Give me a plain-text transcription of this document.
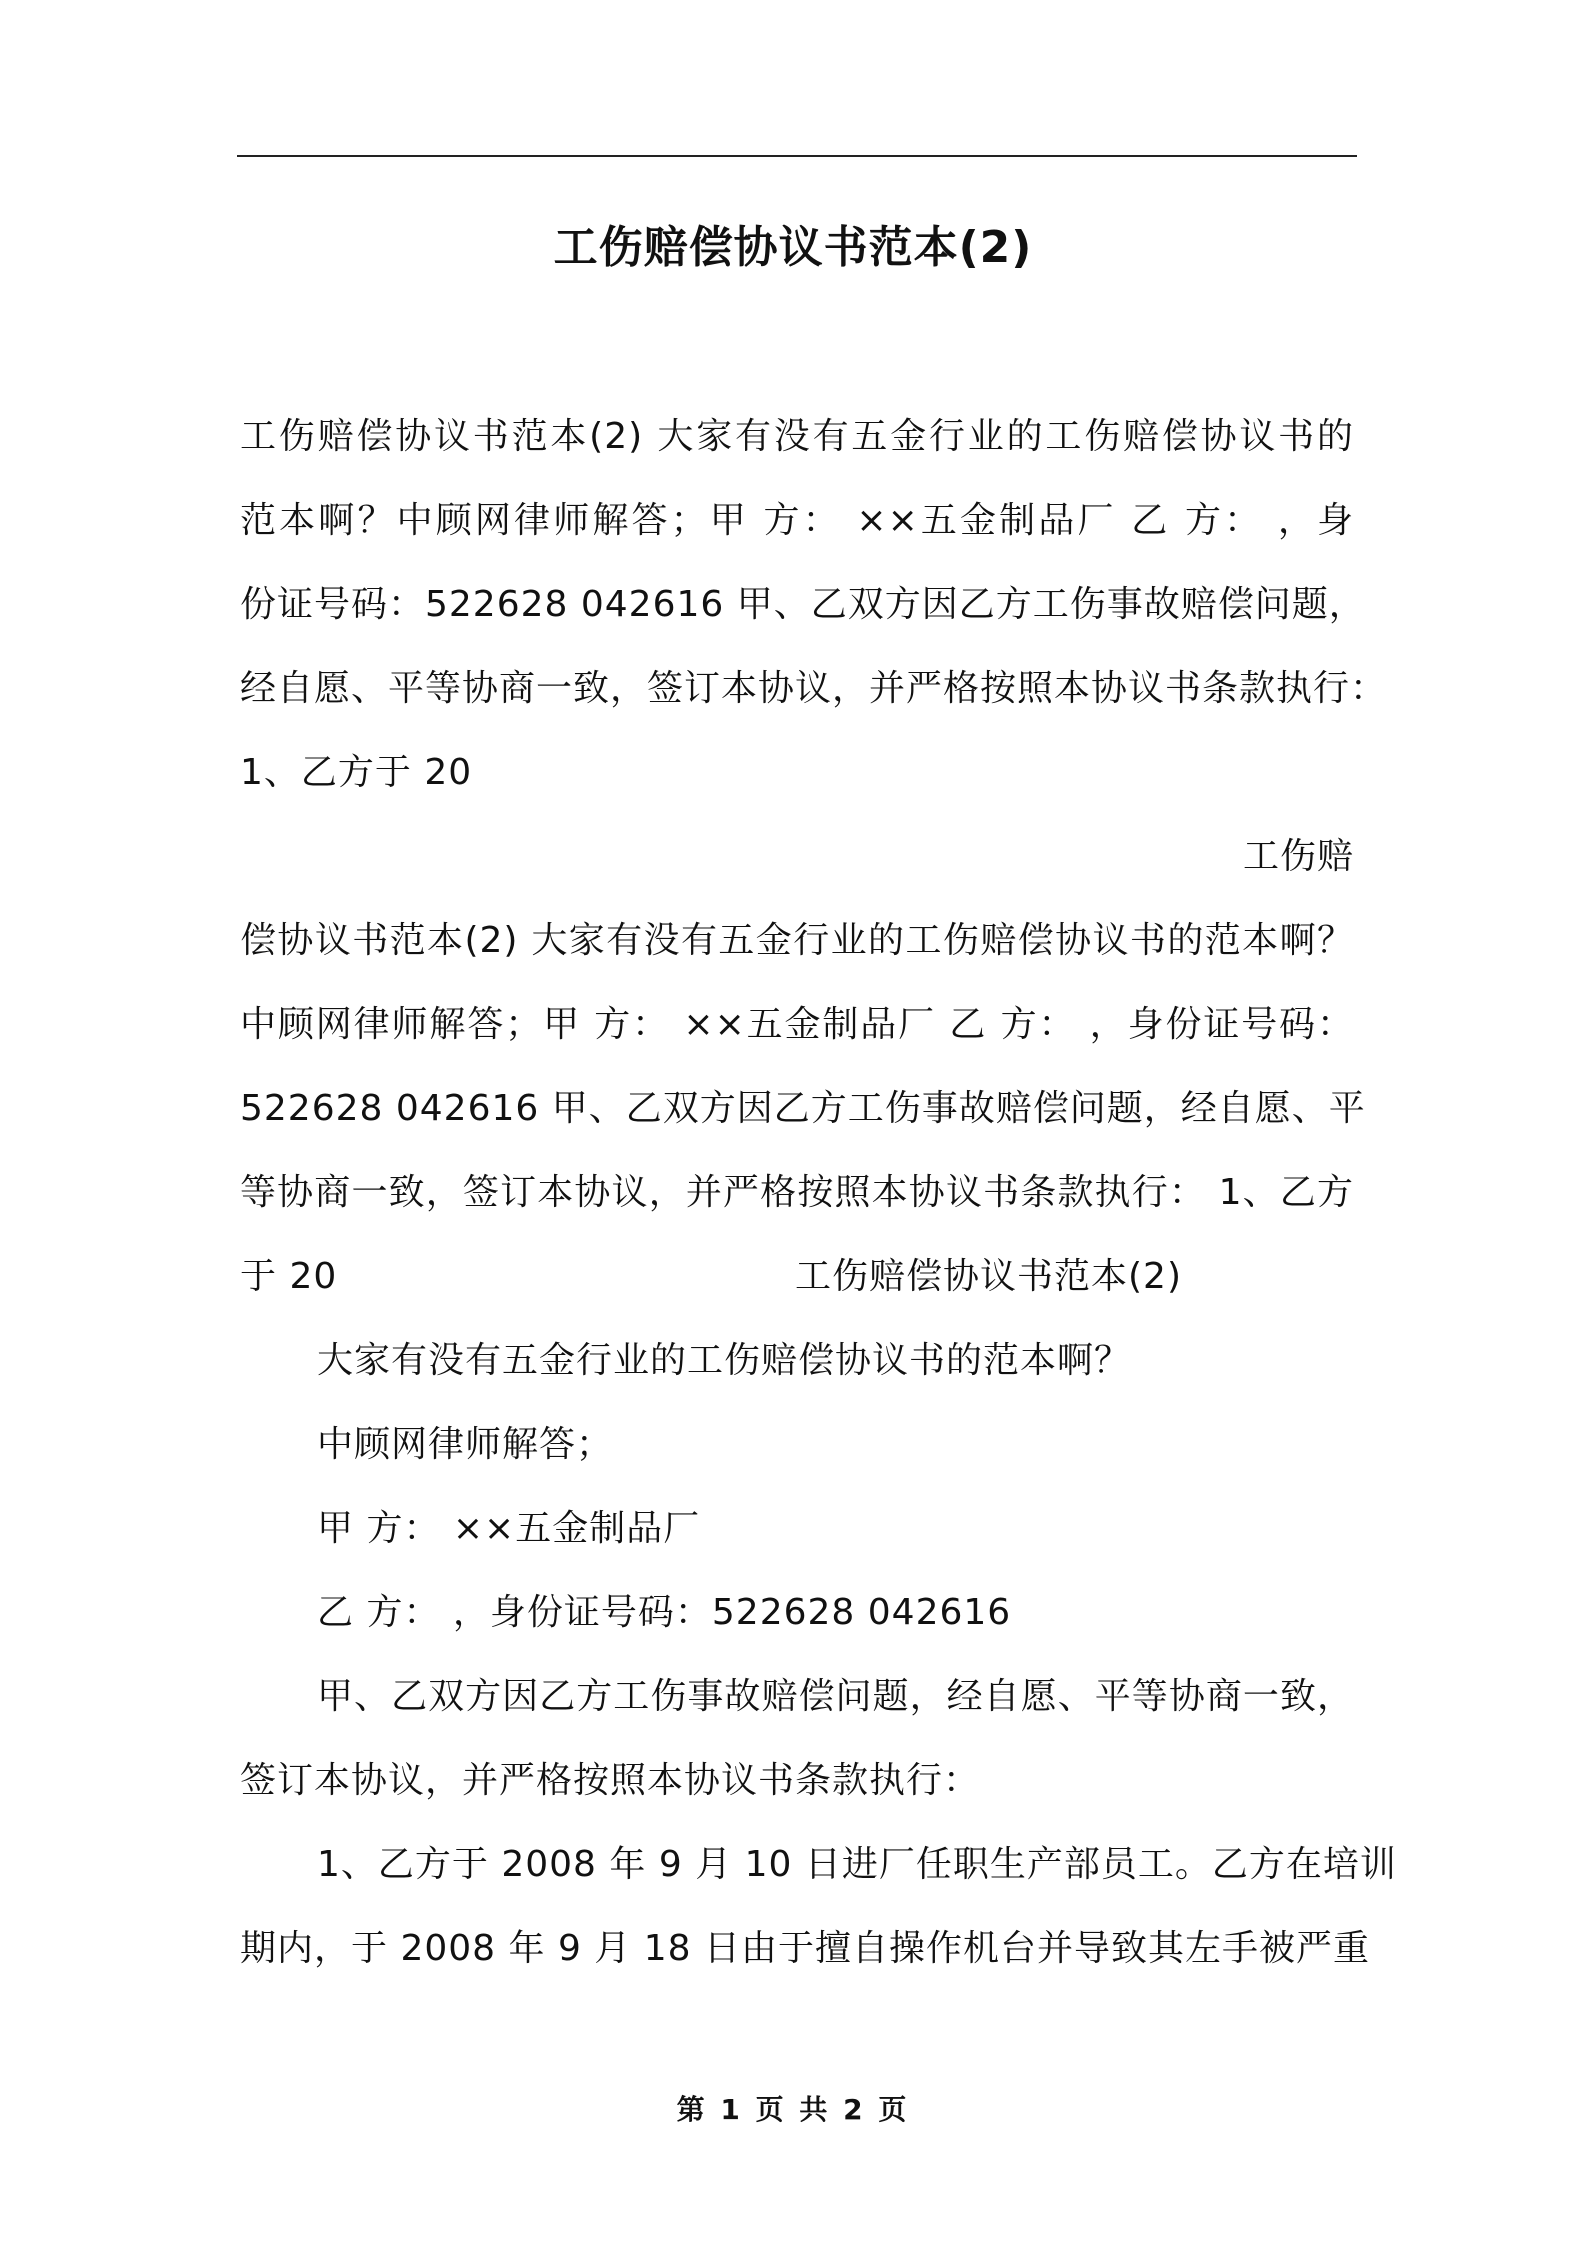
工伤赔偿协议书范本(2)
工伤赔偿协议书范本(2) 大家有没有五金行业的工伤赔偿协议书的
范本啊？中顾网律师解答；甲 方： ××五金制品厂 乙 方： ，身
份证号码：522628 042616 甲、乙双方因乙方工伤事故赔偿问题，
经自愿、平等协商一致，签订本协议，并严格按照本协议书条款执行：
1、乙方于 20
工伤赔
偿协议书范本(2) 大家有没有五金行业的工伤赔偿协议书的范本啊？
中顾网律师解答；甲 方： ××五金制品厂 乙 方： ，身份证号码：
522628 042616 甲、乙双方因乙方工伤事故赔偿问题，经自愿、平
等协商一致，签订本协议，并严格按照本协议书条款执行： 1、乙方
于 20	工伤赔偿协议书范本(2)
大家有没有五金行业的工伤赔偿协议书的范本啊？
中顾网律师解答；
甲 方： ××五金制品厂
乙 方： ，身份证号码：522628 042616
甲、乙双方因乙方工伤事故赔偿问题，经自愿、平等协商一致，
签订本协议，并严格按照本协议书条款执行：
1、乙方于 2008 年 9 月 10 日进厂任职生产部员工。乙方在培训
期内，于 2008 年 9 月 18 日由于擅自操作机台并导致其左手被严重
第 1 页 共 2 页
